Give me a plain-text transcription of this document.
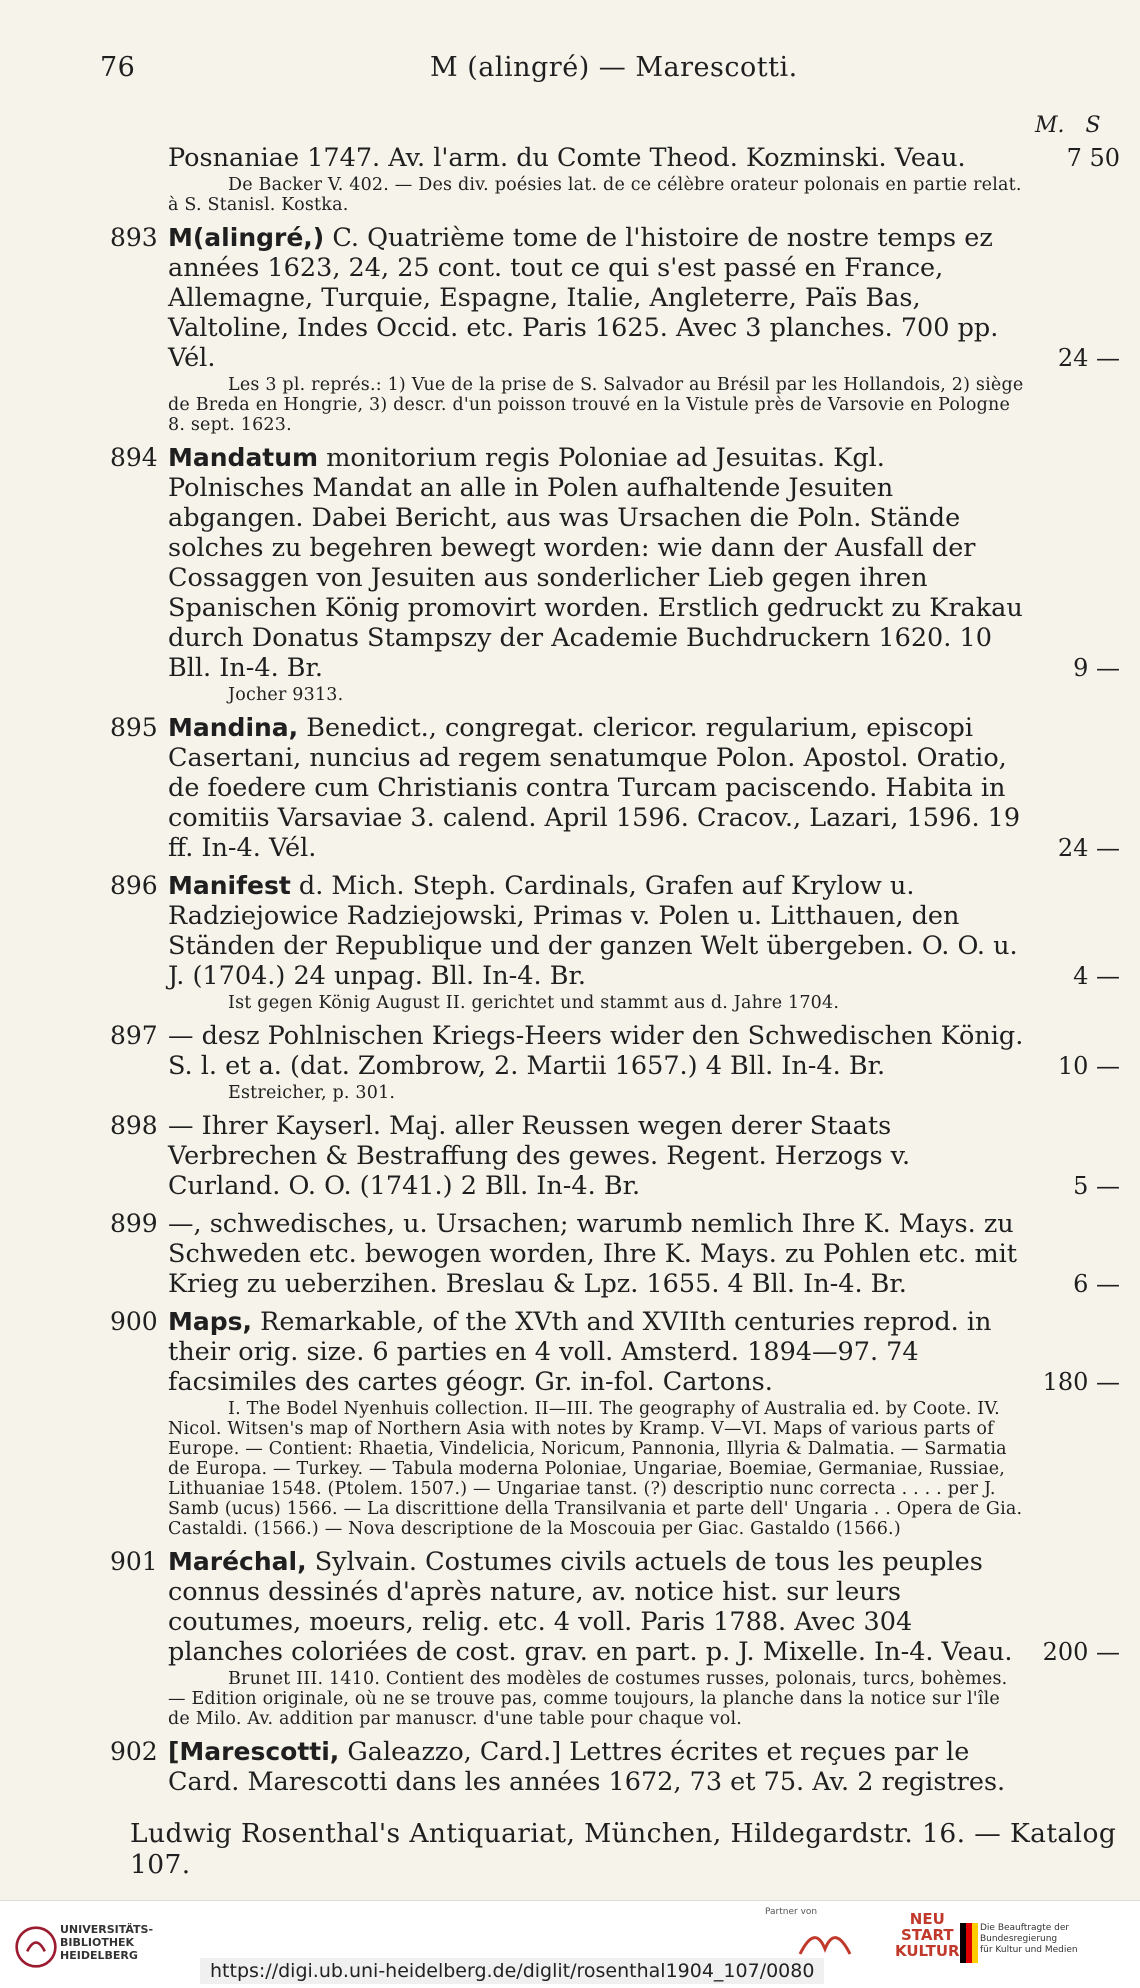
76	M (alingré) — Marescotti.
M. S
Posnaniae 1747. Av. l'arm. du Comte Theod. Kozminski. Veau.	7 50
De Backer V. 402. — Des div. poésies lat. de ce célèbre orateur polonais en partie relat. à S. Stanisl. Kostka.
893 M(alingré,) C. Quatrième tome de l'histoire de nostre temps ez années 1623, 24, 25 cont. tout ce qui s'est passé en France, Allemagne, Turquie, Espagne, Italie, Angleterre, Païs Bas, Valtoline, Indes Occid. etc. Paris 1625. Avec 3 planches. 700 pp. Vél.	24 —
Les 3 pl. représ.: 1) Vue de la prise de S. Salvador au Brésil par les Hollandois, 2) siège de Breda en Hongrie, 3) descr. d'un poisson trouvé en la Vistule près de Varsovie en Pologne 8. sept. 1623.
894 Mandatum monitorium regis Poloniae ad Jesuitas. Kgl. Polnisches Mandat an alle in Polen aufhaltende Jesuiten abgangen. Dabei Bericht, aus was Ursachen die Poln. Stände solches zu begehren bewegt worden: wie dann der Ausfall der Cossaggen von Jesuiten aus sonderlicher Lieb gegen ihren Spanischen König promovirt worden. Erstlich gedruckt zu Krakau durch Donatus Stampszy der Academie Buchdruckern 1620. 10 Bll. In-4. Br.	9 —
Jocher 9313.
895 Mandina, Benedict., congregat. clericor. regularium, episcopi Casertani, nuncius ad regem senatumque Polon. Apostol. Oratio, de foedere cum Christianis contra Turcam paciscendo. Habita in comitiis Varsaviae 3. calend. April 1596. Cracov., Lazari, 1596. 19 ff. In-4. Vél.	24 —
896 Manifest d. Mich. Steph. Cardinals, Grafen auf Krylow u. Radziejowice Radziejowski, Primas v. Polen u. Litthauen, den Ständen der Republique und der ganzen Welt übergeben. O. O. u. J. (1704.) 24 unpag. Bll. In-4. Br.	4 —
Ist gegen König August II. gerichtet und stammt aus d. Jahre 1704.
897 — desz Pohlnischen Kriegs-Heers wider den Schwedischen König. S. l. et a. (dat. Zombrow, 2. Martii 1657.) 4 Bll. In-4. Br.	10 —
Estreicher, p. 301.
898 — Ihrer Kayserl. Maj. aller Reussen wegen derer Staats Verbrechen & Bestraffung des gewes. Regent. Herzogs v. Curland. O. O. (1741.) 2 Bll. In-4. Br.	5 —
899 —, schwedisches, u. Ursachen; warumb nemlich Ihre K. Mays. zu Schweden etc. bewogen worden, Ihre K. Mays. zu Pohlen etc. mit Krieg zu ueberzihen. Breslau & Lpz. 1655. 4 Bll. In-4. Br.	6 —
900 Maps, Remarkable, of the XVth and XVIIth centuries reprod. in their orig. size. 6 parties en 4 voll. Amsterd. 1894—97. 74 facsimiles des cartes géogr. Gr. in-fol. Cartons.	180 —
I. The Bodel Nyenhuis collection. II—III. The geography of Australia ed. by Coote. IV. Nicol. Witsen's map of Northern Asia with notes by Kramp. V—VI. Maps of various parts of Europe. — Contient: Rhaetia, Vindelicia, Noricum, Pannonia, Illyria & Dalmatia. — Sarmatia de Europa. — Turkey. — Tabula moderna Poloniae, Ungariae, Boemiae, Germaniae, Russiae, Lithuaniae 1548. (Ptolem. 1507.) — Ungariae tanst. (?) descriptio nunc correcta . . . . per J. Samb (ucus) 1566. — La discrittione della Transilvania et parte dell' Ungaria . . Opera de Gia. Castaldi. (1566.) — Nova descriptione de la Moscouia per Giac. Gastaldo (1566.)
901 Maréchal, Sylvain. Costumes civils actuels de tous les peuples connus dessinés d'après nature, av. notice hist. sur leurs coutumes, moeurs, relig. etc. 4 voll. Paris 1788. Avec 304 planches coloriées de cost. grav. en part. p. J. Mixelle. In-4. Veau.	200 —
Brunet III. 1410. Contient des modèles de costumes russes, polonais, turcs, bohèmes. — Edition originale, où ne se trouve pas, comme toujours, la planche dans la notice sur l'île de Milo. Av. addition par manuscr. d'une table pour chaque vol.
902 [Marescotti, Galeazzo, Card.] Lettres écrites et reçues par le Card. Marescotti dans les années 1672, 73 et 75. Av. 2 registres.
Ludwig Rosenthal's Antiquariat, München, Hildegardstr. 16. — Katalog 107.
UNIVERSITÄTS-
BIBLIOTHEK
HEIDELBERG
Partner von	NEU
START
KULTUR
Die Beauftragte der Bundesregierung
für Kultur und Medien
https://digi.ub.uni-heidelberg.de/diglit/rosenthal1904_107/0080
